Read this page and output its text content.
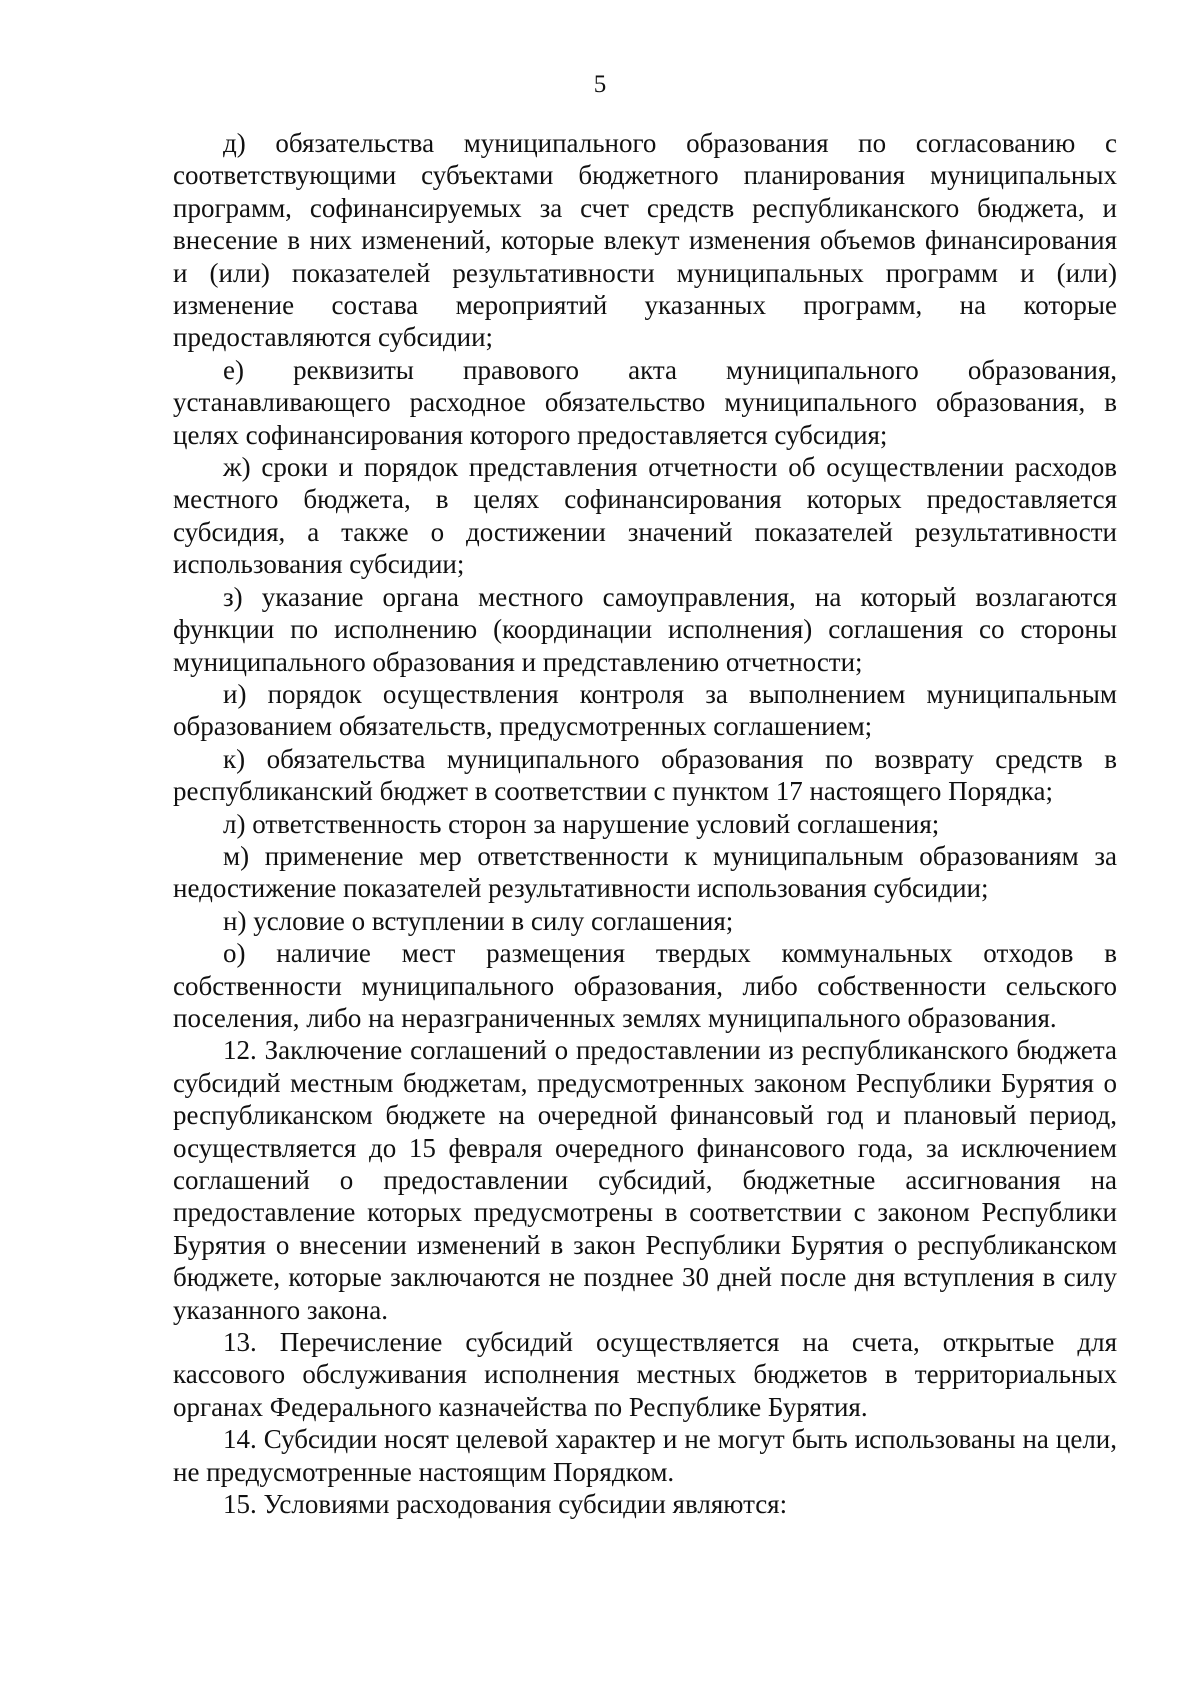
5

д) обязательства муниципального образования по согласованию с соответствующими субъектами бюджетного планирования муниципальных программ, софинансируемых за счет средств республиканского бюджета, и внесение в них изменений, которые влекут изменения объемов финансирования и (или) показателей результативности муниципальных программ и (или) изменение состава мероприятий указанных программ, на которые предоставляются субсидии;

е) реквизиты правового акта муниципального образования, устанавливающего расходное обязательство муниципального образования, в целях софинансирования которого предоставляется субсидия;

ж) сроки и порядок представления отчетности об осуществлении расходов местного бюджета, в целях софинансирования которых предоставляется субсидия, а также о достижении значений показателей результативности использования субсидии;

з) указание органа местного самоуправления, на который возлагаются функции по исполнению (координации исполнения) соглашения со стороны муниципального образования и представлению отчетности;

и) порядок осуществления контроля за выполнением муниципальным образованием обязательств, предусмотренных соглашением;

к) обязательства муниципального образования по возврату средств в республиканский бюджет в соответствии с пунктом 17 настоящего Порядка;

л) ответственность сторон за нарушение условий соглашения;

м) применение мер ответственности к муниципальным образованиям за недостижение показателей результативности использования субсидии;

н) условие о вступлении в силу соглашения;

о) наличие мест размещения твердых коммунальных отходов в собственности муниципального образования, либо собственности сельского поселения, либо на неразграниченных землях муниципального образования.

12. Заключение соглашений о предоставлении из республиканского бюджета субсидий местным бюджетам, предусмотренных законом Республики Бурятия о республиканском бюджете на очередной финансовый год и плановый период, осуществляется до 15 февраля очередного финансового года, за исключением соглашений о предоставлении субсидий, бюджетные ассигнования на предоставление которых предусмотрены в соответствии с законом Республики Бурятия о внесении изменений в закон Республики Бурятия о республиканском бюджете, которые заключаются не позднее 30 дней после дня вступления в силу указанного закона.

13. Перечисление субсидий осуществляется на счета, открытые для кассового обслуживания исполнения местных бюджетов в территориальных органах Федерального казначейства по Республике Бурятия.

14. Субсидии носят целевой характер и не могут быть использованы на цели, не предусмотренные настоящим Порядком.

15. Условиями расходования субсидии являются:
